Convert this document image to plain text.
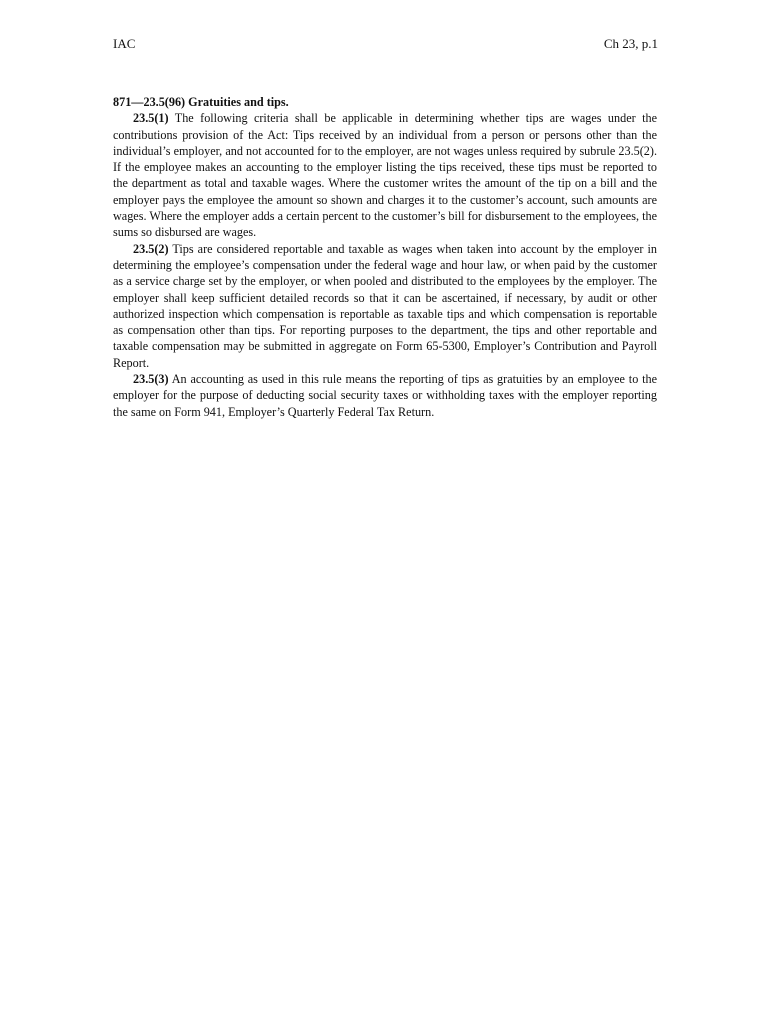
IAC	Ch 23, p.1

871—23.5(96) Gratuities and tips.

23.5(1) The following criteria shall be applicable in determining whether tips are wages under the contributions provision of the Act: Tips received by an individual from a person or persons other than the individual’s employer, and not accounted for to the employer, are not wages unless required by subrule 23.5(2). If the employee makes an accounting to the employer listing the tips received, these tips must be reported to the department as total and taxable wages. Where the customer writes the amount of the tip on a bill and the employer pays the employee the amount so shown and charges it to the customer’s account, such amounts are wages. Where the employer adds a certain percent to the customer’s bill for disbursement to the employees, the sums so disbursed are wages.

23.5(2) Tips are considered reportable and taxable as wages when taken into account by the employer in determining the employee’s compensation under the federal wage and hour law, or when paid by the customer as a service charge set by the employer, or when pooled and distributed to the employees by the employer. The employer shall keep sufficient detailed records so that it can be ascertained, if necessary, by audit or other authorized inspection which compensation is reportable as taxable tips and which compensation is reportable as compensation other than tips. For reporting purposes to the department, the tips and other reportable and taxable compensation may be submitted in aggregate on Form 65-5300, Employer’s Contribution and Payroll Report.

23.5(3) An accounting as used in this rule means the reporting of tips as gratuities by an employee to the employer for the purpose of deducting social security taxes or withholding taxes with the employer reporting the same on Form 941, Employer’s Quarterly Federal Tax Return.
